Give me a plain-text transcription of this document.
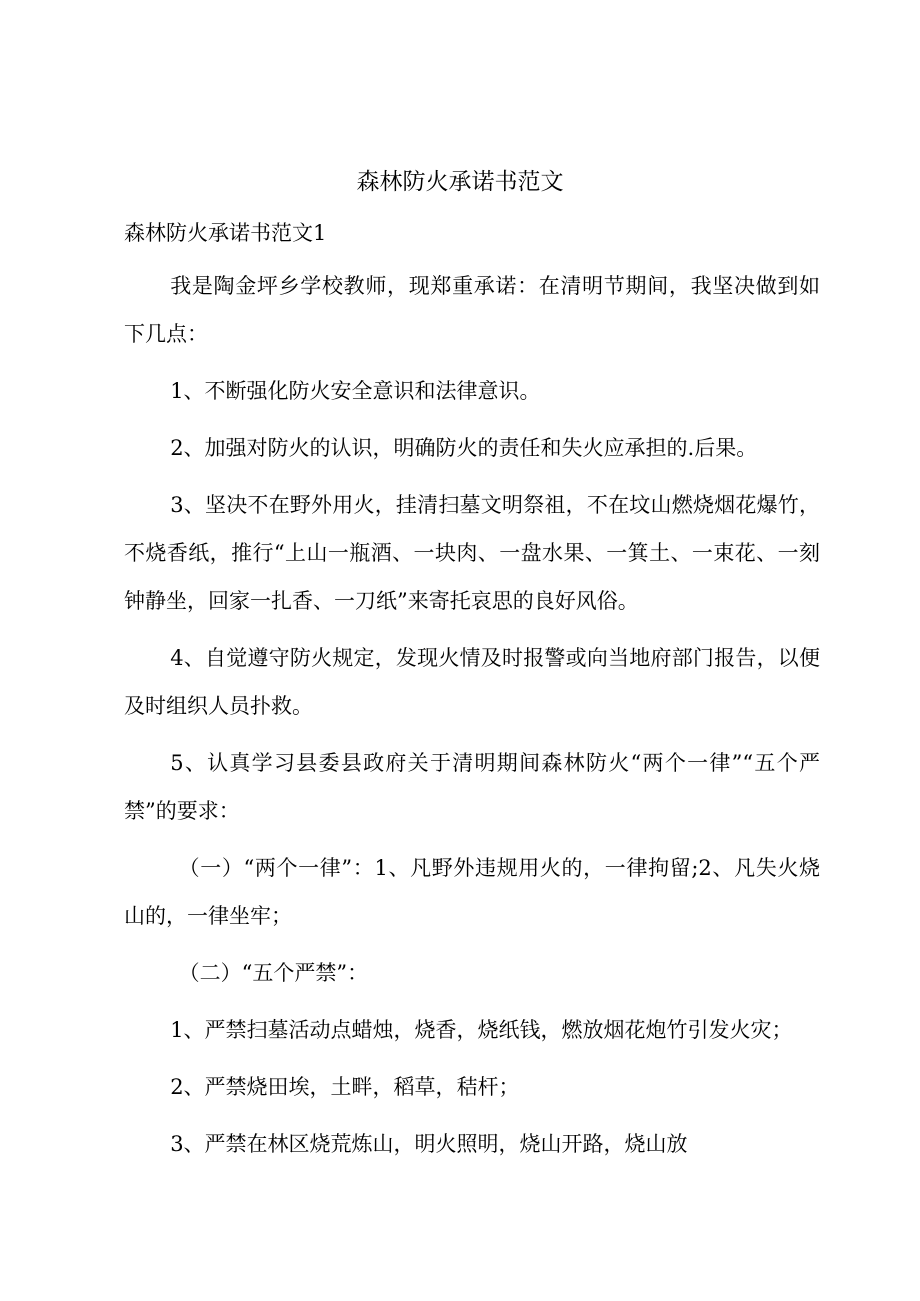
森林防火承诺书范文

森林防火承诺书范文1

我是陶金坪乡学校教师，现郑重承诺：在清明节期间，我坚决做到如下几点：

1、不断强化防火安全意识和法律意识。

2、加强对防火的认识，明确防火的责任和失火应承担的.后果。

3、坚决不在野外用火，挂清扫墓文明祭祖，不在坟山燃烧烟花爆竹，不烧香纸，推行“上山一瓶酒、一块肉、一盘水果、一箕土、一束花、一刻钟静坐，回家一扎香、一刀纸”来寄托哀思的良好风俗。

4、自觉遵守防火规定，发现火情及时报警或向当地府部门报告，以便及时组织人员扑救。

5、认真学习县委县政府关于清明期间森林防火“两个一律”“五个严禁”的要求：

（一）“两个一律”：1、凡野外违规用火的，一律拘留;2、凡失火烧山的，一律坐牢；

（二）“五个严禁”：

1、严禁扫墓活动点蜡烛，烧香，烧纸钱，燃放烟花炮竹引发火灾；

2、严禁烧田埃，土畔，稻草，秸杆；

3、严禁在林区烧荒炼山，明火照明，烧山开路，烧山放
